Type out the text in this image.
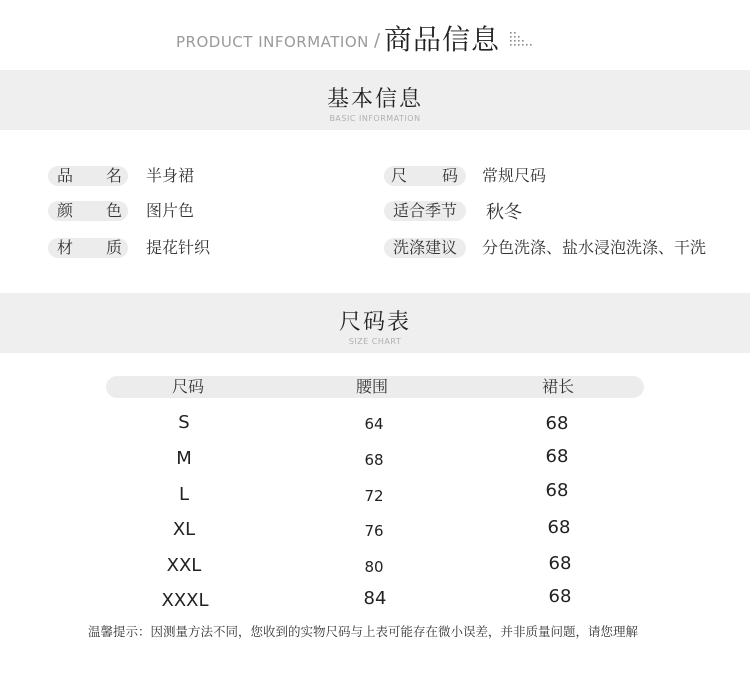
PRODUCT INFORMATION / 商品信息
基本信息
BASIC INFORMATION
品 名 半身裙
颜 色 图片色
材 质 提花针织
尺 码 常规尺码
适合季节	秋冬
洗涤建议	分色洗涤、盐水浸泡洗涤、干洗
尺码表
SIZE CHART
尺码	腰围	裙长
S	64	68
M	68	68
L	72	68
XL	76	68
XXL	80	68
XXXL	84	68
温馨提示：因测量方法不同，您收到的实物尺码与上表可能存在微小误差，并非质量问题，请您理解
